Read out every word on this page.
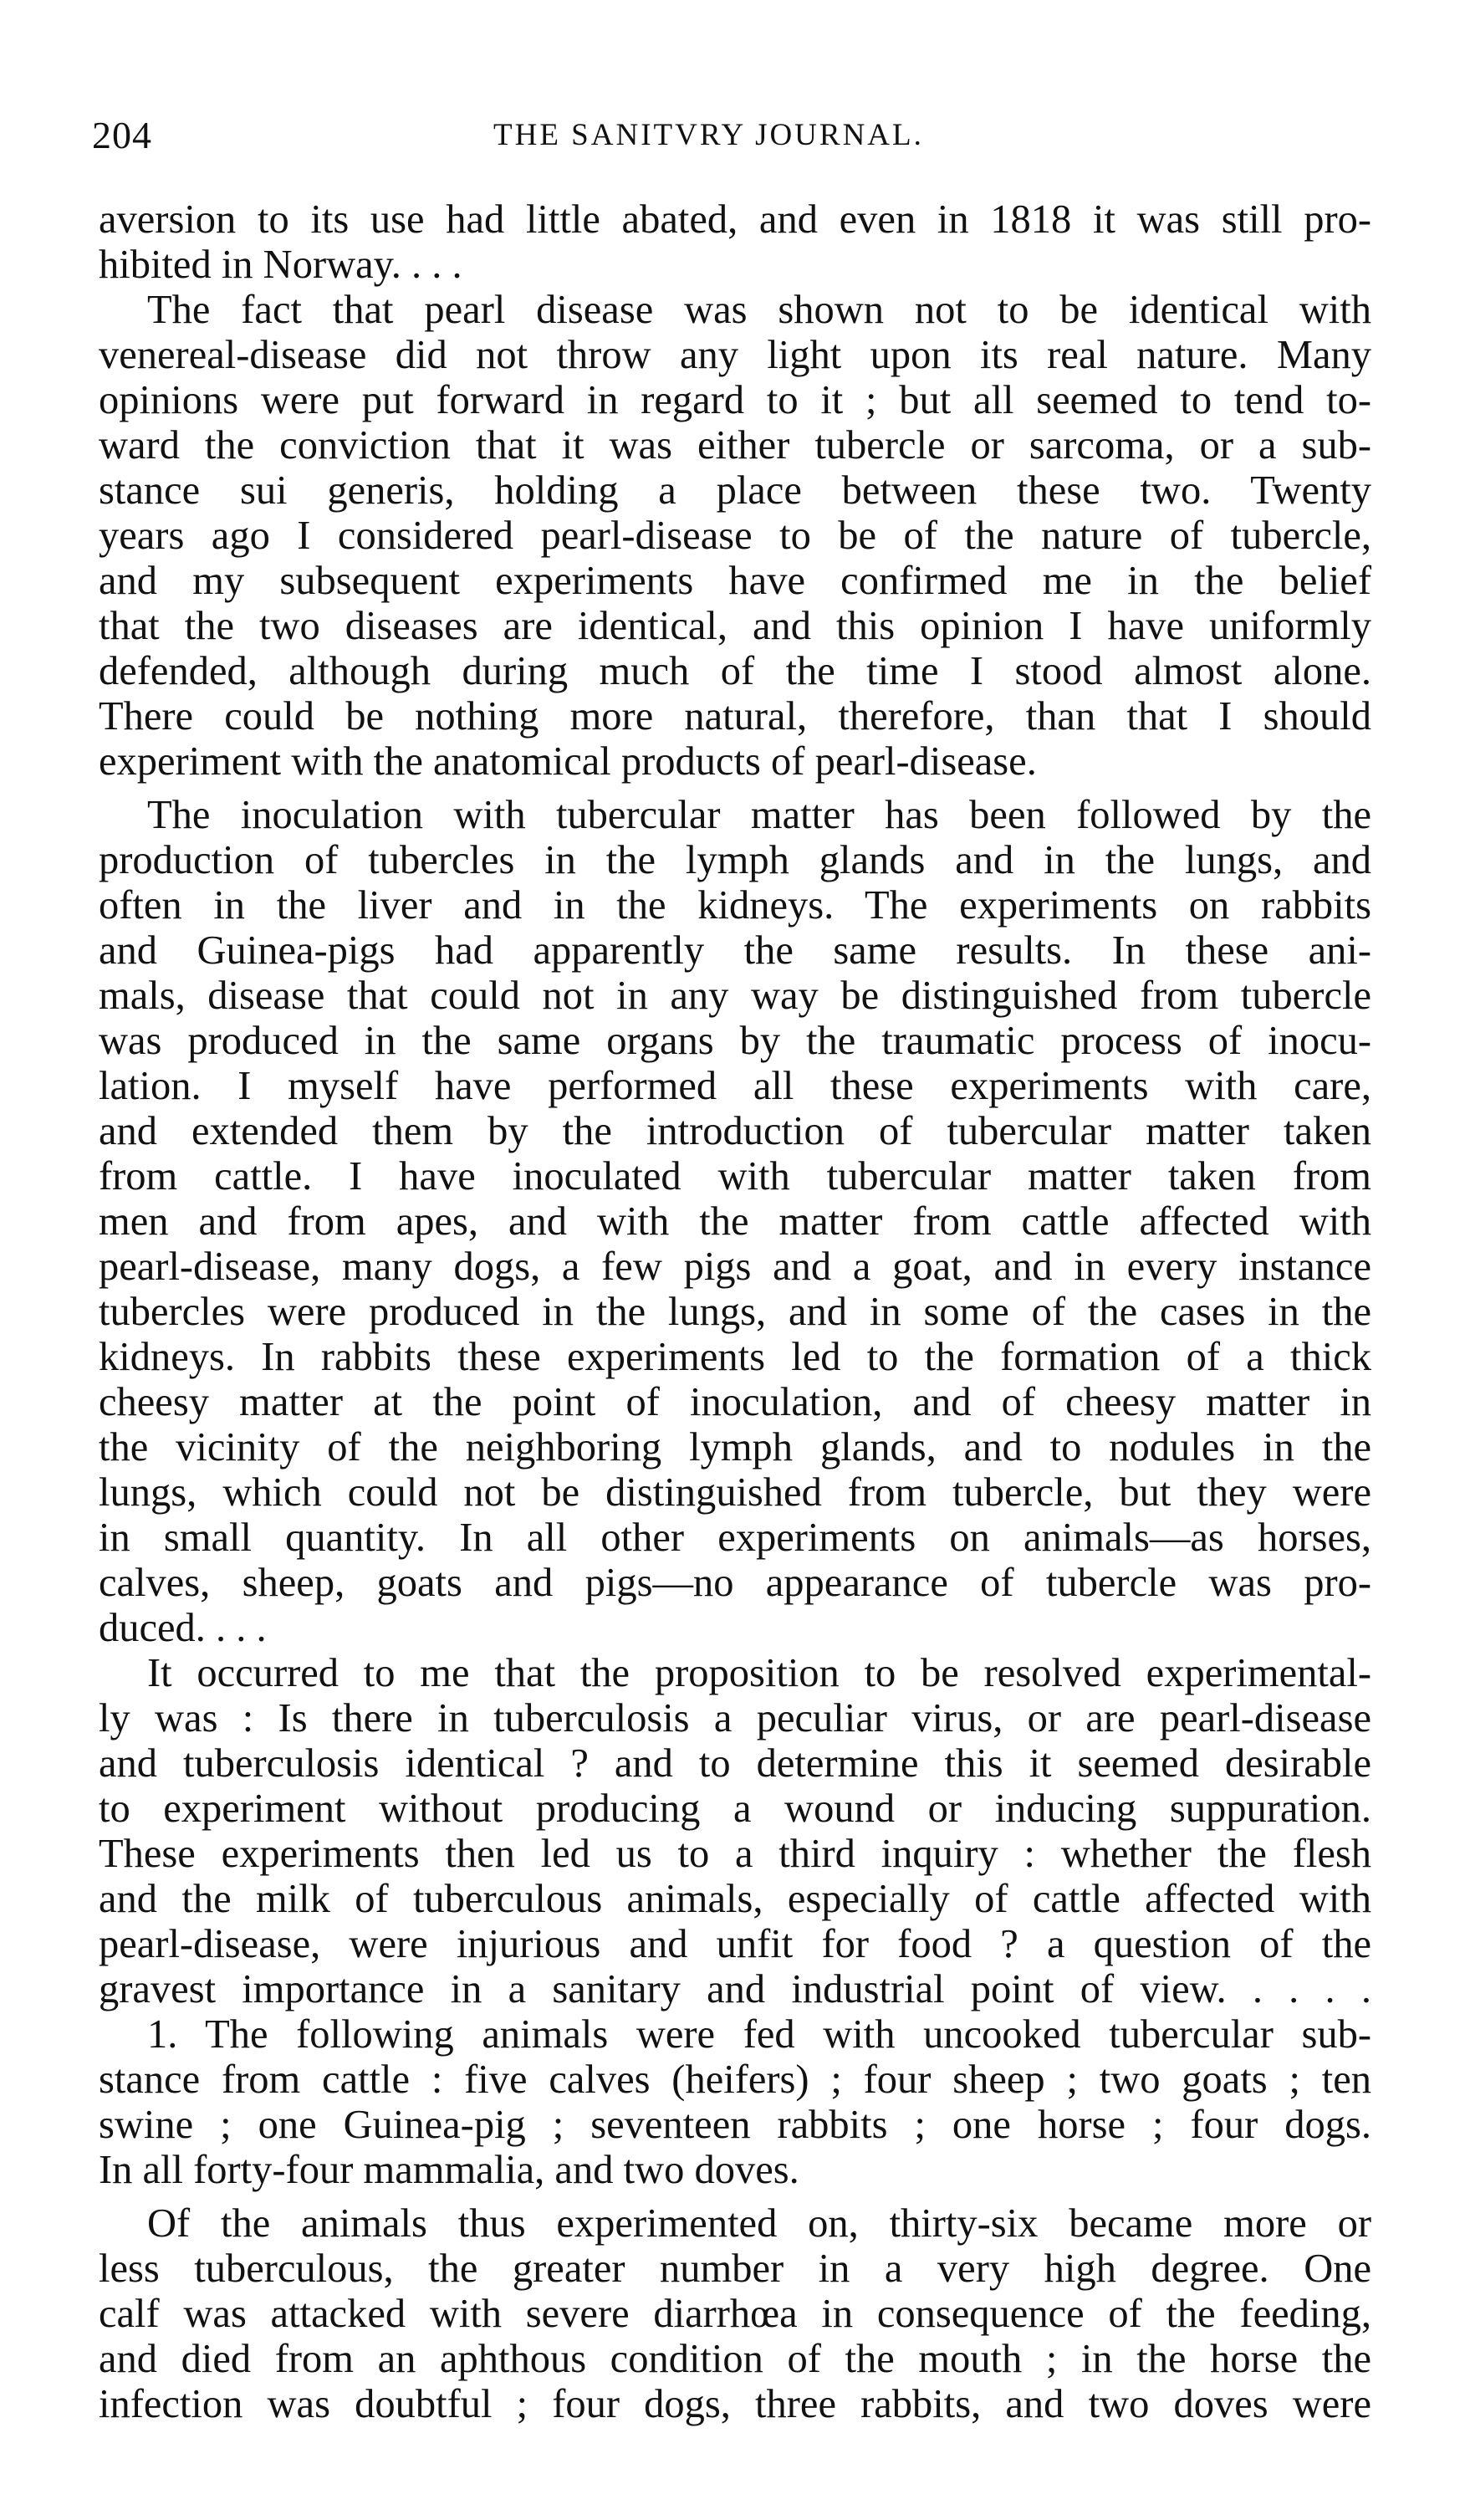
204	THE SANITVRY JOURNAL.
aversion to its use had little abated, and even in 1818 it was still pro-
hibited in Norway. . . .
The fact that pearl disease was shown not to be identical with
venereal-disease did not throw any light upon its real nature. Many
opinions were put forward in regard to it ; but all seemed to tend to-
ward the conviction that it was either tubercle or sarcoma, or a sub-
stance sui generis, holding a place between these two. Twenty
years ago I considered pearl-disease to be of the nature of tubercle,
and my subsequent experiments have confirmed me in the belief
that the two diseases are identical, and this opinion I have uniformly
defended, although during much of the time I stood almost alone.
There could be nothing more natural, therefore, than that I should
experiment with the anatomical products of pearl-disease.
The inoculation with tubercular matter has been followed by the
production of tubercles in the lymph glands and in the lungs, and
often in the liver and in the kidneys. The experiments on rabbits
and Guinea-pigs had apparently the same results. In these ani-
mals, disease that could not in any way be distinguished from tubercle
was produced in the same organs by the traumatic process of inocu-
lation. I myself have performed all these experiments with care,
and extended them by the introduction of tubercular matter taken
from cattle. I have inoculated with tubercular matter taken from
men and from apes, and with the matter from cattle affected with
pearl-disease, many dogs, a few pigs and a goat, and in every instance
tubercles were produced in the lungs, and in some of the cases in the
kidneys. In rabbits these experiments led to the formation of a thick
cheesy matter at the point of inoculation, and of cheesy matter in
the vicinity of the neighboring lymph glands, and to nodules in the
lungs, which could not be distinguished from tubercle, but they were
in small quantity. In all other experiments on animals—as horses,
calves, sheep, goats and pigs—no appearance of tubercle was pro-
duced. . . .
It occurred to me that the proposition to be resolved experimental-
ly was : Is there in tuberculosis a peculiar virus, or are pearl-disease
and tuberculosis identical ? and to determine this it seemed desirable
to experiment without producing a wound or inducing suppuration.
These experiments then led us to a third inquiry : whether the flesh
and the milk of tuberculous animals, especially of cattle affected with
pearl-disease, were injurious and unfit for food ? a question of the
gravest importance in a sanitary and industrial point of view. . . . .
1. The following animals were fed with uncooked tubercular sub-
stance from cattle : five calves (heifers) ; four sheep ; two goats ; ten
swine ; one Guinea-pig ; seventeen rabbits ; one horse ; four dogs.
In all forty-four mammalia, and two doves.
Of the animals thus experimented on, thirty-six became more or
less tuberculous, the greater number in a very high degree. One
calf was attacked with severe diarrhœa in consequence of the feeding,
and died from an aphthous condition of the mouth ; in the horse the
infection was doubtful ; four dogs, three rabbits, and two doves were
